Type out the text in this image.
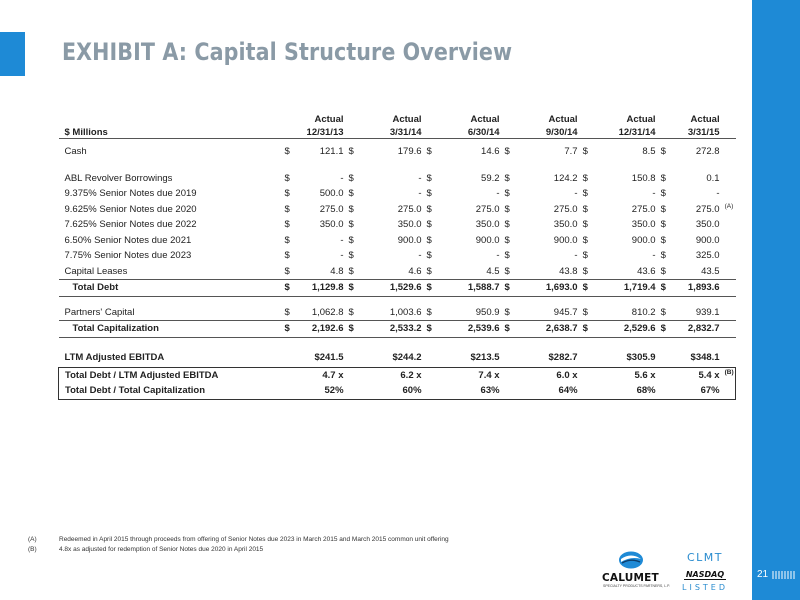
EXHIBIT A: Capital Structure Overview
	Actual		Actual		Actual		Actual		Actual		Actual		
$ Millions	12/31/13		3/31/14		6/30/14		9/30/14		12/31/14		3/31/15		

Cash	$	121.1	$	179.6	$	14.6	$	7.7	$	8.5	$	272.8	

ABL Revolver Borrowings	$	-	$	-	$	59.2	$	124.2	$	150.8	$	0.1	
9.375% Senior Notes due 2019	$	500.0	$	-	$	-	$	-	$	-	$	-	
9.625% Senior Notes due 2020	$	275.0	$	275.0	$	275.0	$	275.0	$	275.0	$	275.0	(A)
7.625% Senior Notes due 2022	$	350.0	$	350.0	$	350.0	$	350.0	$	350.0	$	350.0	
6.50% Senior Notes due 2021	$	-	$	900.0	$	900.0	$	900.0	$	900.0	$	900.0	
7.75% Senior Notes due 2023	$	-	$	-	$	-	$	-	$	-	$	325.0	
Capital Leases	$	4.8	$	4.6	$	4.5	$	43.8	$	43.6	$	43.5	
Total Debt	$	1,129.8	$	1,529.6	$	1,588.7	$	1,693.0	$	1,719.4	$	1,893.6	

Partners' Capital	$	1,062.8	$	1,003.6	$	950.9	$	945.7	$	810.2	$	939.1	
Total Capitalization	$	2,192.6	$	2,533.2	$	2,539.6	$	2,638.7	$	2,529.6	$	2,832.7	

LTM Adjusted EBITDA		$241.5		$244.2		$213.5		$282.7		$305.9		$348.1	
Total Debt / LTM Adjusted EBITDA		4.7 x		6.2 x		7.4 x		6.0 x		5.6 x		5.4 x	(B)
Total Debt / Total Capitalization		52%		60%		63%		64%		68%		67%	
(A)	Redeemed in April 2015 through proceeds from offering of Senior Notes due 2023 in March 2015 and March 2015 common unit offering
(B)	4.8x as adjusted for redemption of Senior Notes due 2020 in April 2015
CALUMET
SPECIALTY PRODUCTS PARTNERS, L.P.
CLMT
NASDAQ
LISTED
21
